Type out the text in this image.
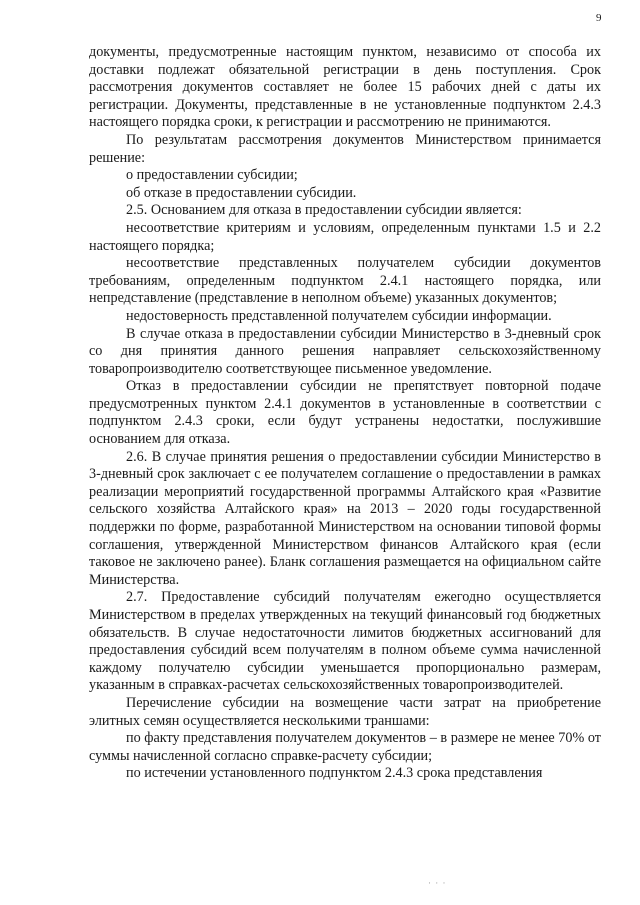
9

документы, предусмотренные настоящим пунктом, независимо от способа их доставки подлежат обязательной регистрации в день поступления. Срок рассмотрения документов составляет не более 15 рабочих дней с даты их регистрации. Документы, представленные в не установленные подпунктом 2.4.3 настоящего порядка сроки, к регистрации и рассмотрению не принимаются.

По результатам рассмотрения документов Министерством принимается решение:

о предоставлении субсидии;

об отказе в предоставлении субсидии.

2.5. Основанием для отказа в предоставлении субсидии является:

несоответствие критериям и условиям, определенным пунктами 1.5 и 2.2 настоящего порядка;

несоответствие представленных получателем субсидии документов требованиям, определенным подпунктом 2.4.1 настоящего порядка, или непредставление (представление в неполном объеме) указанных документов;

недостоверность представленной получателем субсидии информации.

В случае отказа в предоставлении субсидии Министерство в 3-дневный срок со дня принятия данного решения направляет сельскохозяйственному товаропроизводителю соответствующее письменное уведомление.

Отказ в предоставлении субсидии не препятствует повторной подаче предусмотренных пунктом 2.4.1 документов в установленные в соответствии с подпунктом 2.4.3 сроки, если будут устранены недостатки, послужившие основанием для отказа.

2.6. В случае принятия решения о предоставлении субсидии Министерство в 3-дневный срок заключает с ее получателем соглашение о предоставлении в рамках реализации мероприятий государственной программы Алтайского края «Развитие сельского хозяйства Алтайского края» на 2013 – 2020 годы государственной поддержки по форме, разработанной Министерством на основании типовой формы соглашения, утвержденной Министерством финансов Алтайского края (если таковое не заключено ранее). Бланк соглашения размещается на официальном сайте Министерства.

2.7. Предоставление субсидий получателям ежегодно осуществляется Министерством в пределах утвержденных на текущий финансовый год бюджетных обязательств. В случае недостаточности лимитов бюджетных ассигнований для предоставления субсидий всем получателям в полном объеме сумма начисленной каждому получателю субсидии уменьшается пропорционально размерам, указанным в справках-расчетах сельскохозяйственных товаропроизводителей.

Перечисление субсидии на возмещение части затрат на приобретение элитных семян осуществляется несколькими траншами:

по факту представления получателем документов – в размере не менее 70% от суммы начисленной согласно справке-расчету субсидии;

по истечении установленного подпунктом 2.4.3 срока представления

· · ·
